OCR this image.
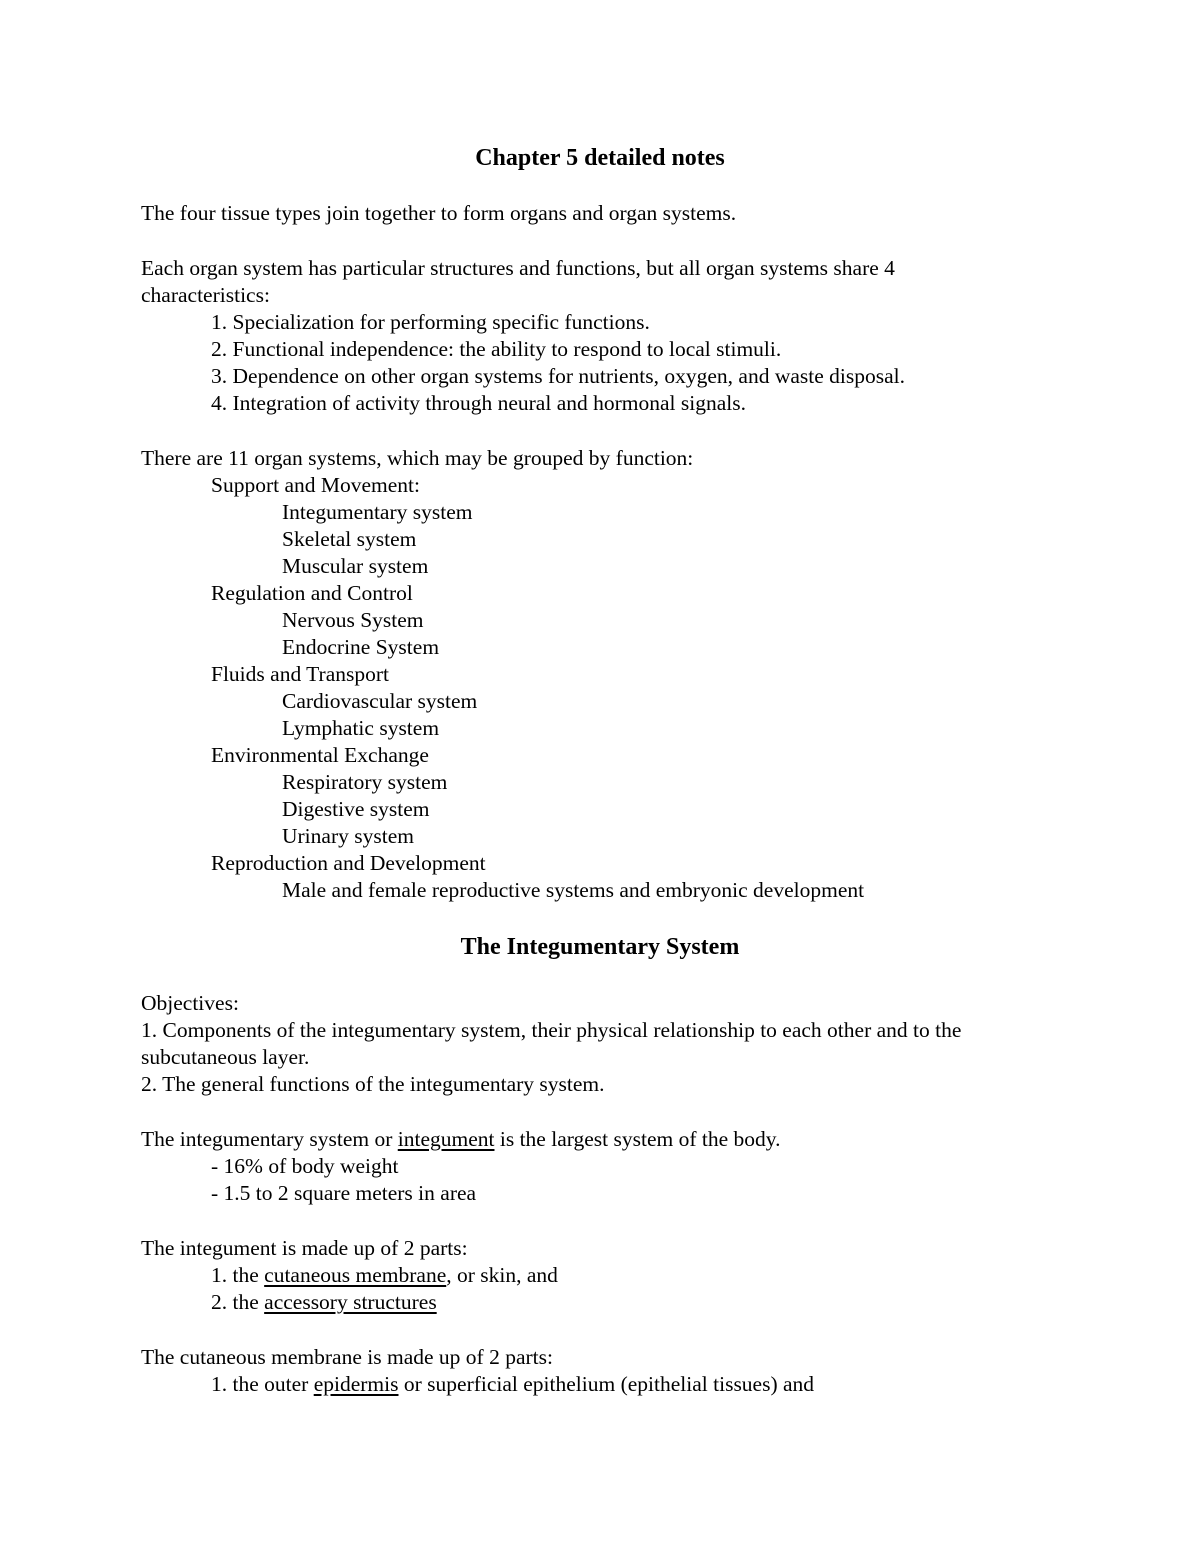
Chapter 5 detailed notes
The four tissue types join together to form organs and organ systems.
Each organ system has particular structures and functions, but all organ systems share 4
characteristics:
1. Specialization for performing specific functions.
2. Functional independence: the ability to respond to local stimuli.
3. Dependence on other organ systems for nutrients, oxygen, and waste disposal.
4. Integration of activity through neural and hormonal signals.
There are 11 organ systems, which may be grouped by function:
Support and Movement:
Integumentary system
Skeletal system
Muscular system
Regulation and Control
Nervous System
Endocrine System
Fluids and Transport
Cardiovascular system
Lymphatic system
Environmental Exchange
Respiratory system
Digestive system
Urinary system
Reproduction and Development
Male and female reproductive systems and embryonic development
The Integumentary System
Objectives:
1. Components of the integumentary system, their physical relationship to each other and to the
subcutaneous layer.
2. The general functions of the integumentary system.
The integumentary system or integument is the largest system of the body.
- 16% of body weight
- 1.5 to 2 square meters in area
The integument is made up of 2 parts:
1. the cutaneous membrane, or skin, and
2. the accessory structures
The cutaneous membrane is made up of 2 parts:
1. the outer epidermis or superficial epithelium (epithelial tissues) and
